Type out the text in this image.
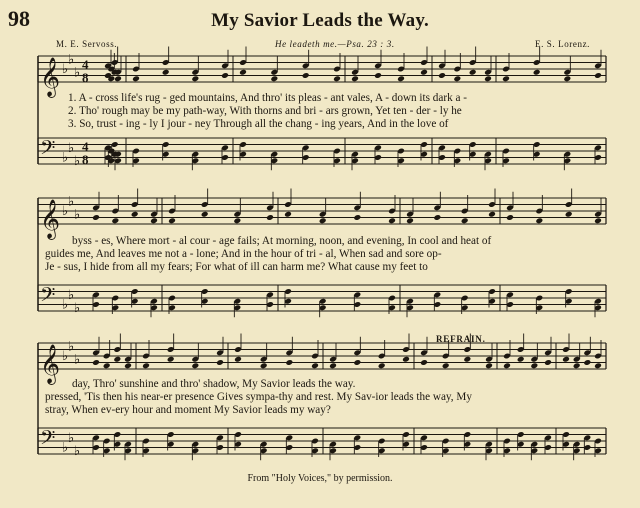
98	My Savior Leads the Way.
M. E. Servoss.	He leadeth me.—Psa. 23 : 3.	E. S. Lorenz.
𝄞 ♭
♭
♭
4
8
𝄢 ♭
♭
♭
4
8
𝄞 ♭
♭
♭
𝄢 ♭
♭
♭
𝄞 ♭
♭
♭
𝄢 ♭
♭
♭
1. A - cross life's rug - ged mountains, And thro' its pleas - ant vales, A - down its dark a -
2. Tho' rough may be my path-way, With thorns and bri - ars grown, Yet ten - der - ly he
3. So, trust - ing - ly I jour - ney Through all the chang - ing years, And in the love of
byss - es, Where mort - al cour - age fails; At morning, noon, and evening, In cool and heat of
guides me, And leaves me not a - lone; And in the hour of tri - al, When sad and sore op-
Je - sus, I hide from all my fears; For what of ill can harm me? What cause my feet to
day, Thro' sunshine and thro' shadow, My Savior leads the way.
pressed, 'Tis then his near-er presence Gives sympa-thy and rest. My Sav-ior leads the way, My
stray, When ev-ery hour and moment My Savior leads my way?
REFRAIN.
From "Holy Voices," by permission.
